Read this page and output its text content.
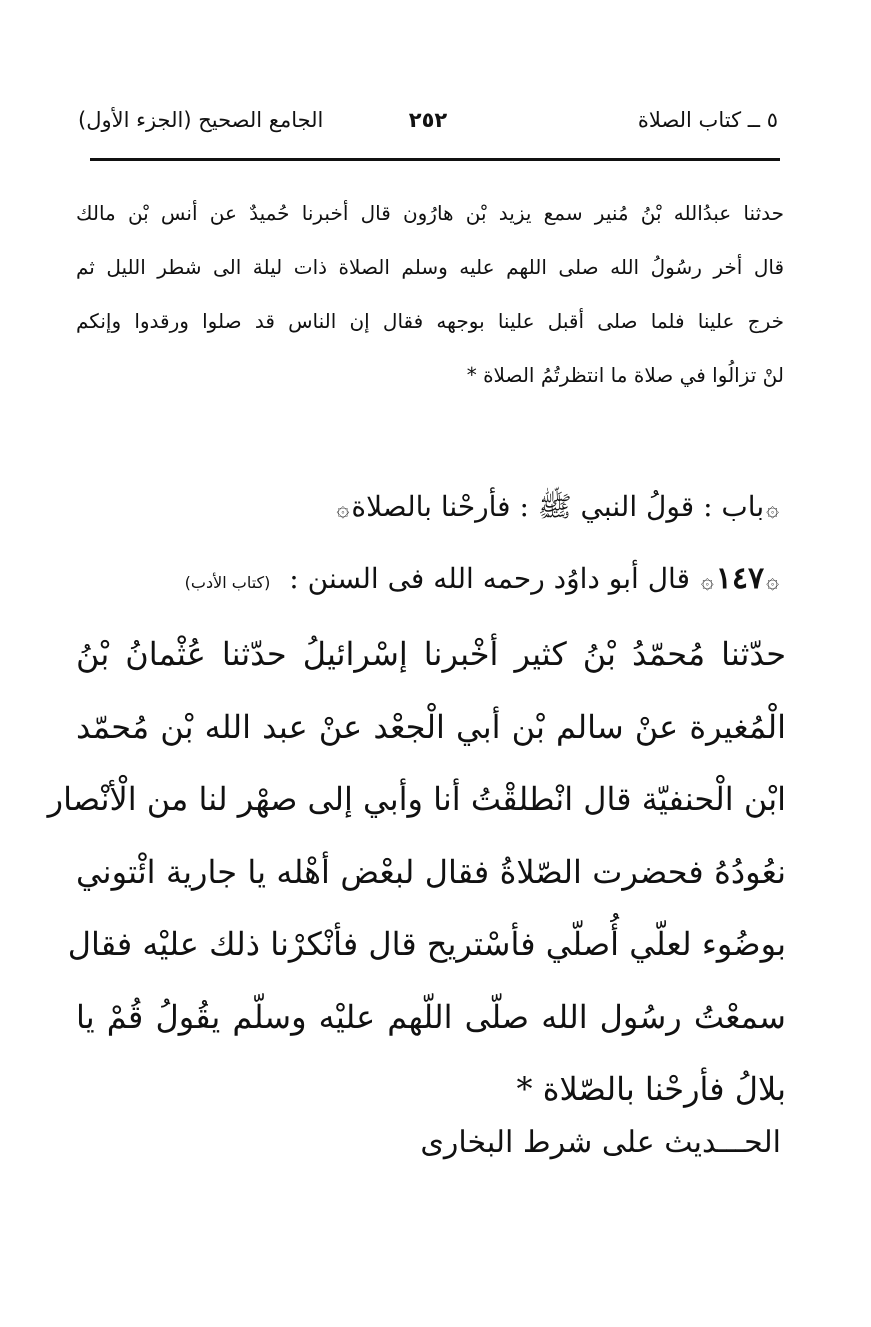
٥ ــ كتاب الصلاة
٢٥٢
الجامع الصحيح (الجزء الأول)
حدثنا عبدُالله بْنُ مُنير سمع يزيد بْن هارُون قال أخبرنا حُميدٌ عن أنس بْن مالك
قال أخر رسُولُ الله صلى اللهم عليه وسلم الصلاة ذات ليلة الى شطر الليل ثم
خرج علينا فلما صلى أقبل علينا بوجهه فقال إن الناس قد صلوا ورقدوا وإنكم
لنْ تزالُوا في صلاة ما انتظرتُمُ الصلاة *
۞باب : قولُ النبي ﷺ : فأرحْنا بالصلاة۞
۞١٤٧۞ قال أبو داوُد رحمه الله فى السنن : (كتاب الأدب)
حدّثنا مُحمّدُ بْنُ كثير أخْبرنا إسْرائيلُ حدّثنا عُثْمانُ بْنُ
الْمُغيرة عنْ سالم بْن أبي الْجعْد عنْ عبد الله بْن مُحمّد
ابْن الْحنفيّة قال انْطلقْتُ أنا وأبي إلى صهْر لنا من الْأنْصار
نعُودُهُ فحضرت الصّلاةُ فقال لبعْض أهْله يا جارية ائْتوني
بوضُوء لعلّي أُصلّي فأسْتريح قال فأنْكرْنا ذلك عليْه فقال
سمعْتُ رسُول الله صلّى اللّهم عليْه وسلّم يقُولُ قُمْ يا
بلالُ فأرحْنا بالصّلاة *
الحـــديث على شرط البخارى
